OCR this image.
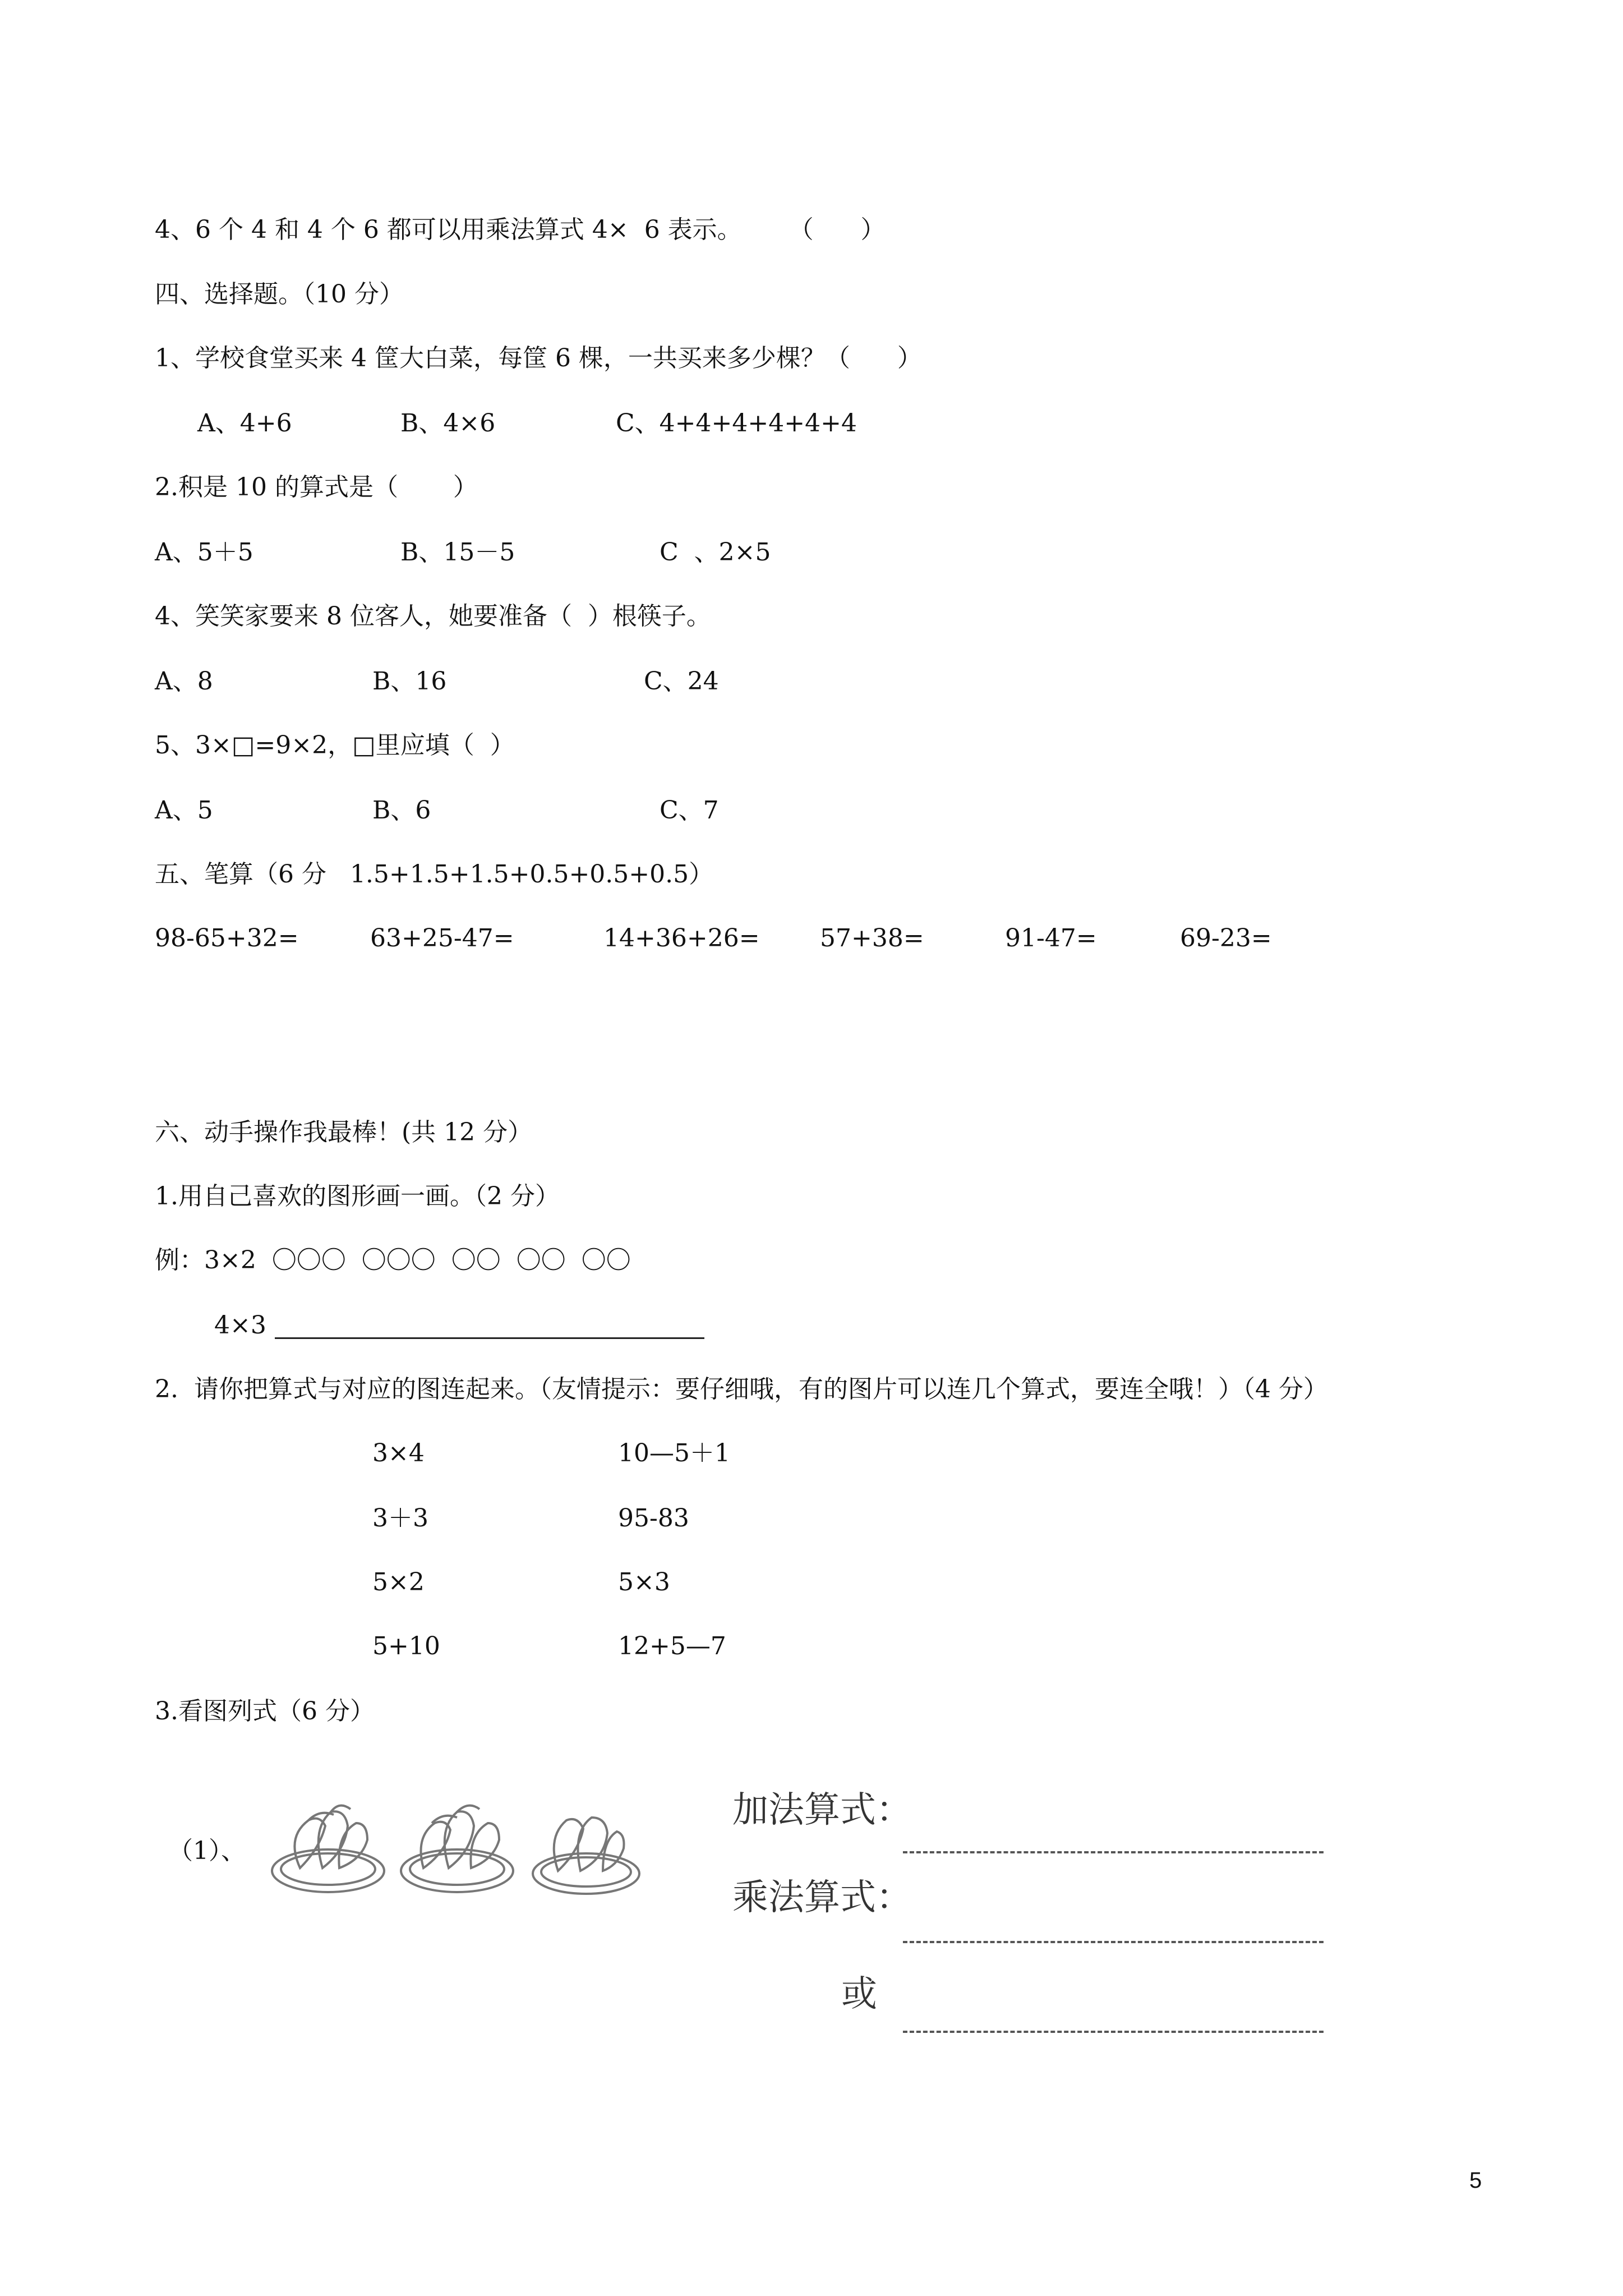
4、6 个 4 和 4 个 6 都可以用乘法算式 4×  6 表示。      （      ）
四、选择题。（10 分）
1、学校食堂买来 4 筐大白菜，每筐 6 棵，一共买来多少棵？（      ）
A、4+6	B、4×6	C、4+4+4+4+4+4
2.积是 10 的算式是（       ）
A、5＋5	B、15－5	C  、2×5
4、笑笑家要来 8 位客人，她要准备（  ）根筷子。
A、8	B、16	C、24
5、3×□=9×2，□里应填（  ）
A、5	B、6	C、7
五、笔算（6 分   1.5+1.5+1.5+0.5+0.5+0.5）
98-65+32=	63+25-47=	14+36+26= 57+38=	91-47=	69-23=
六、动手操作我最棒！(共 12 分）
1.用自己喜欢的图形画一画。（2 分）
例：3×2  〇〇〇  〇〇〇  〇〇  〇〇  〇〇
4×3
2.  请你把算式与对应的图连起来。（友情提示：要仔细哦，有的图片可以连几个算式，要连全哦！）（4 分）
3×4	10—5＋1
3＋3	95-83
5×2	5×3
5+10	12+5—7
3.看图列式（6 分）
（1）、
加法算式：
乘法算式：
或
5
